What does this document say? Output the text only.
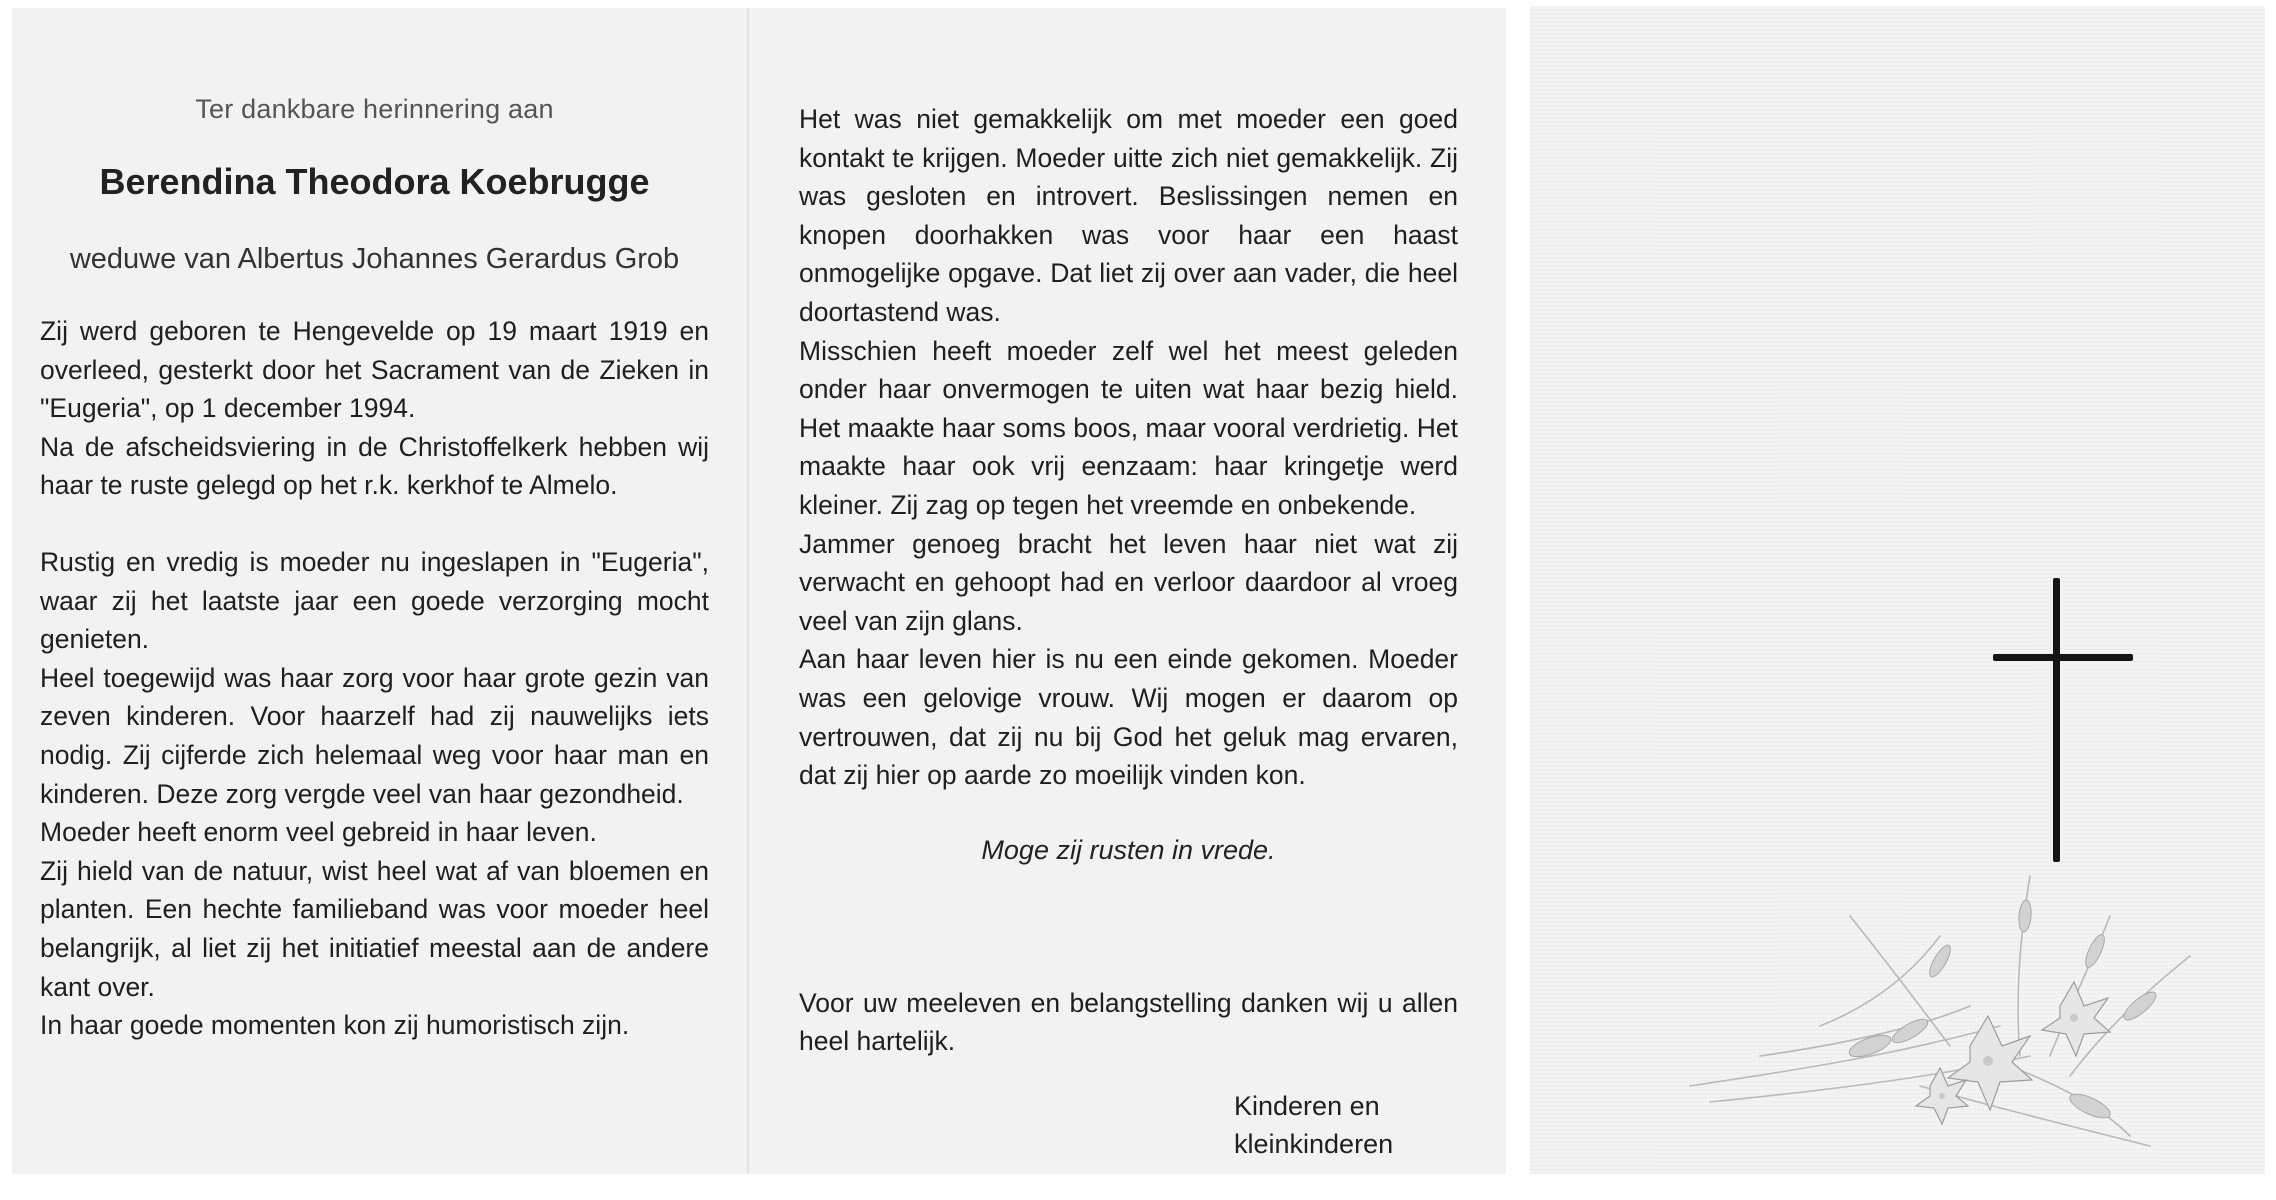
Ter dankbare herinnering aan

Berendina Theodora Koebrugge

weduwe van Albertus Johannes Gerardus Grob

Zij werd geboren te Hengevelde op 19 maart 1919 en overleed, gesterkt door het Sacrament van de Zieken in "Eugeria", op 1 december 1994.

Na de afscheidsviering in de Christoffelkerk hebben wij haar te ruste gelegd op het r.k. kerkhof te Almelo.

Rustig en vredig is moeder nu ingeslapen in "Eugeria", waar zij het laatste jaar een goede verzorging mocht genieten.

Heel toegewijd was haar zorg voor haar grote gezin van zeven kinderen. Voor haarzelf had zij nauwelijks iets nodig. Zij cijferde zich helemaal weg voor haar man en kinderen. Deze zorg vergde veel van haar gezondheid.

Moeder heeft enorm veel gebreid in haar leven.

Zij hield van de natuur, wist heel wat af van bloemen en planten. Een hechte familieband was voor moeder heel belangrijk, al liet zij het initiatief meestal aan de andere kant over.

In haar goede momenten kon zij humoristisch zijn.

Het was niet gemakkelijk om met moeder een goed kontakt te krijgen. Moeder uitte zich niet gemakkelijk. Zij was gesloten en introvert. Beslissingen nemen en knopen doorhakken was voor haar een haast onmogelijke opgave. Dat liet zij over aan vader, die heel doortastend was.

Misschien heeft moeder zelf wel het meest geleden onder haar onvermogen te uiten wat haar bezig hield. Het maakte haar soms boos, maar vooral verdrietig. Het maakte haar ook vrij eenzaam: haar kringetje werd kleiner. Zij zag op tegen het vreemde en onbekende.

Jammer genoeg bracht het leven haar niet wat zij verwacht en gehoopt had en verloor daardoor al vroeg veel van zijn glans.

Aan haar leven hier is nu een einde gekomen. Moeder was een gelovige vrouw. Wij mogen er daarom op vertrouwen, dat zij nu bij God het geluk mag ervaren, dat zij hier op aarde zo moeilijk vinden kon.

Moge zij rusten in vrede.

Voor uw meeleven en belangstelling danken wij u allen heel hartelijk.

Kinderen en
kleinkinderen
